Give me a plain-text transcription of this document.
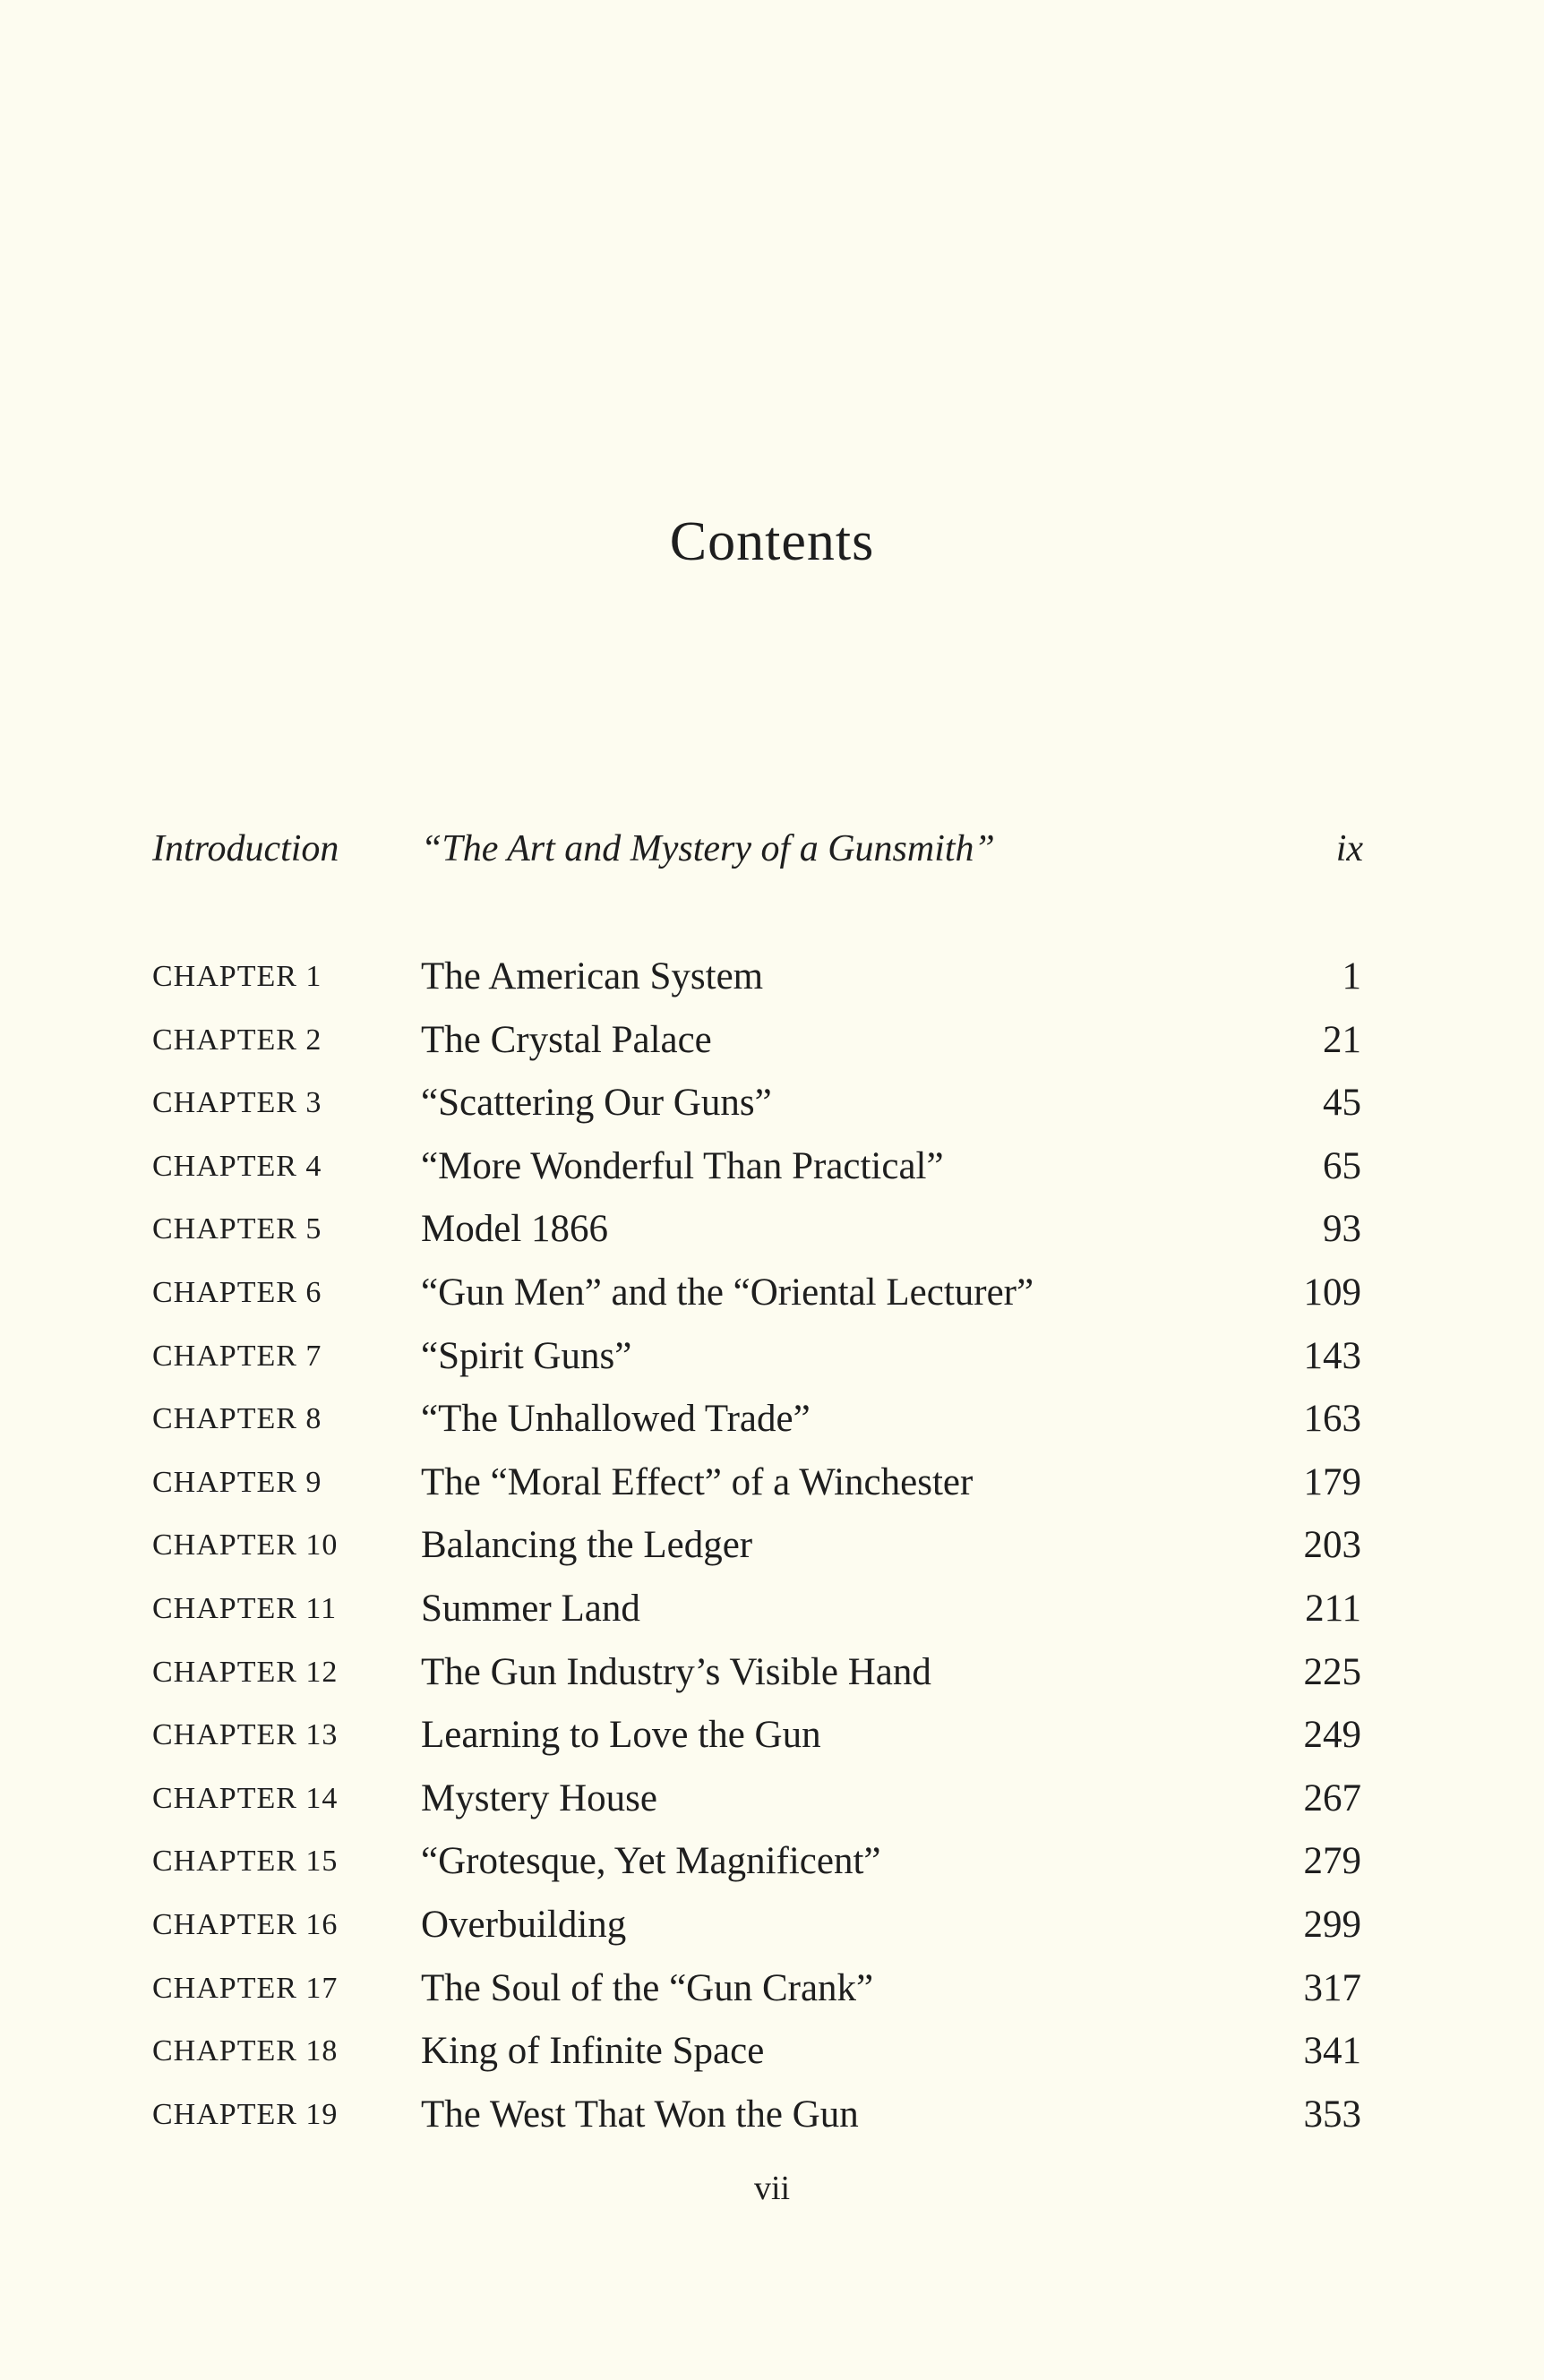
Contents
Introduction “The Art and Mystery of a Gunsmith”	ix
CHAPTER 1	The American System	1
CHAPTER 2	The Crystal Palace	21
CHAPTER 3	“Scattering Our Guns”	45
CHAPTER 4	“More Wonderful Than Practical”	65
CHAPTER 5	Model 1866	93
CHAPTER 6	“Gun Men” and the “Oriental Lecturer”	109
CHAPTER 7	“Spirit Guns”	143
CHAPTER 8	“The Unhallowed Trade”	163
CHAPTER 9	The “Moral Effect” of a Winchester	179
CHAPTER 10 Balancing the Ledger	203
CHAPTER 11 Summer Land	211
CHAPTER 12 The Gun Industry’s Visible Hand	225
CHAPTER 13 Learning to Love the Gun	249
CHAPTER 14 Mystery House	267
CHAPTER 15 “Grotesque, Yet Magnificent”	279
CHAPTER 16 Overbuilding	299
CHAPTER 17 The Soul of the “Gun Crank”	317
CHAPTER 18 King of Infinite Space	341
CHAPTER 19 The West That Won the Gun	353
vii
